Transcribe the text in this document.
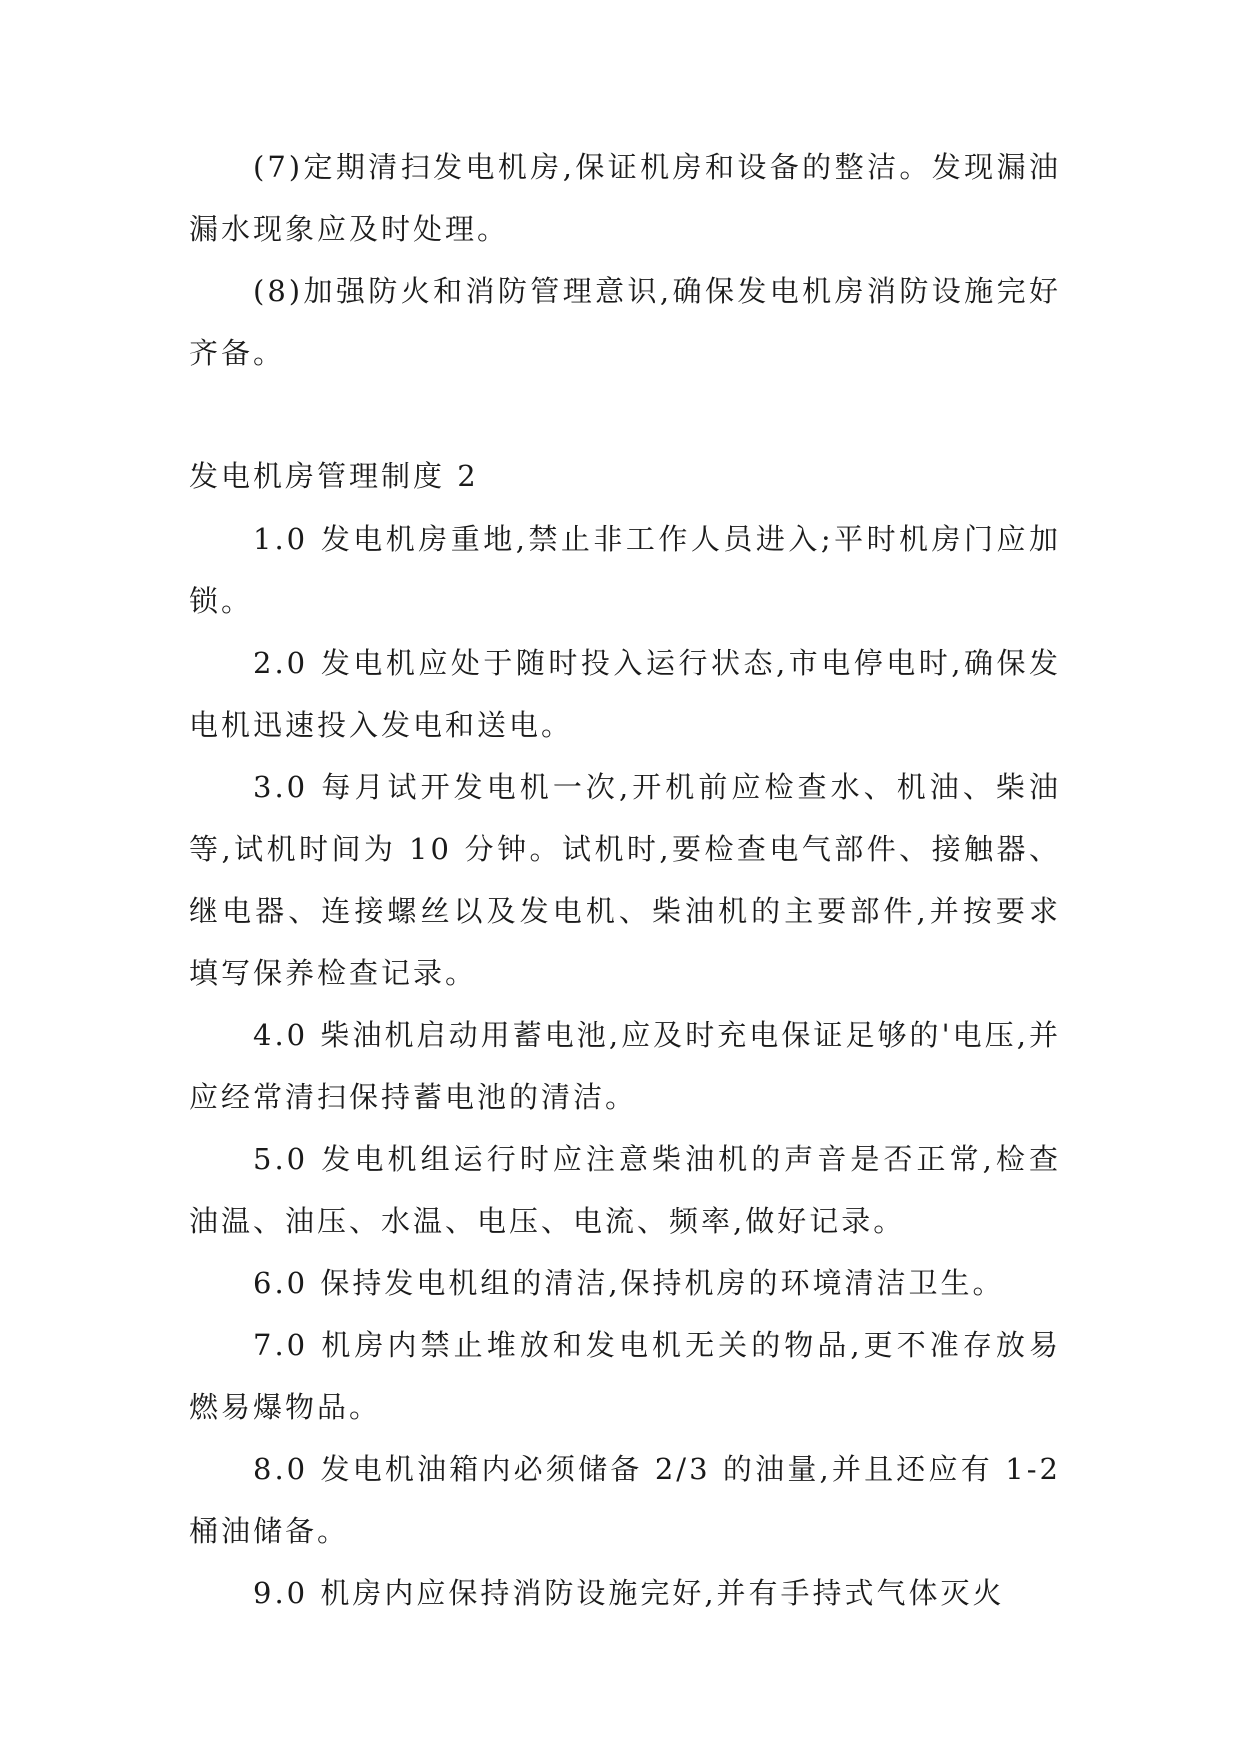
(7)定期清扫发电机房,保证机房和设备的整洁。发现漏油漏水现象应及时处理。

(8)加强防火和消防管理意识,确保发电机房消防设施完好齐备。

发电机房管理制度 2

1.0 发电机房重地,禁止非工作人员进入;平时机房门应加锁。

2.0 发电机应处于随时投入运行状态,市电停电时,确保发电机迅速投入发电和送电。

3.0 每月试开发电机一次,开机前应检查水、机油、柴油等,试机时间为 10 分钟。试机时,要检查电气部件、接触器、继电器、连接螺丝以及发电机、柴油机的主要部件,并按要求填写保养检查记录。

4.0 柴油机启动用蓄电池,应及时充电保证足够的'电压,并应经常清扫保持蓄电池的清洁。

5.0 发电机组运行时应注意柴油机的声音是否正常,检查油温、油压、水温、电压、电流、频率,做好记录。

6.0 保持发电机组的清洁,保持机房的环境清洁卫生。

7.0 机房内禁止堆放和发电机无关的物品,更不准存放易燃易爆物品。

8.0 发电机油箱内必须储备 2/3 的油量,并且还应有 1-2 桶油储备。

9.0 机房内应保持消防设施完好,并有手持式气体灭火
